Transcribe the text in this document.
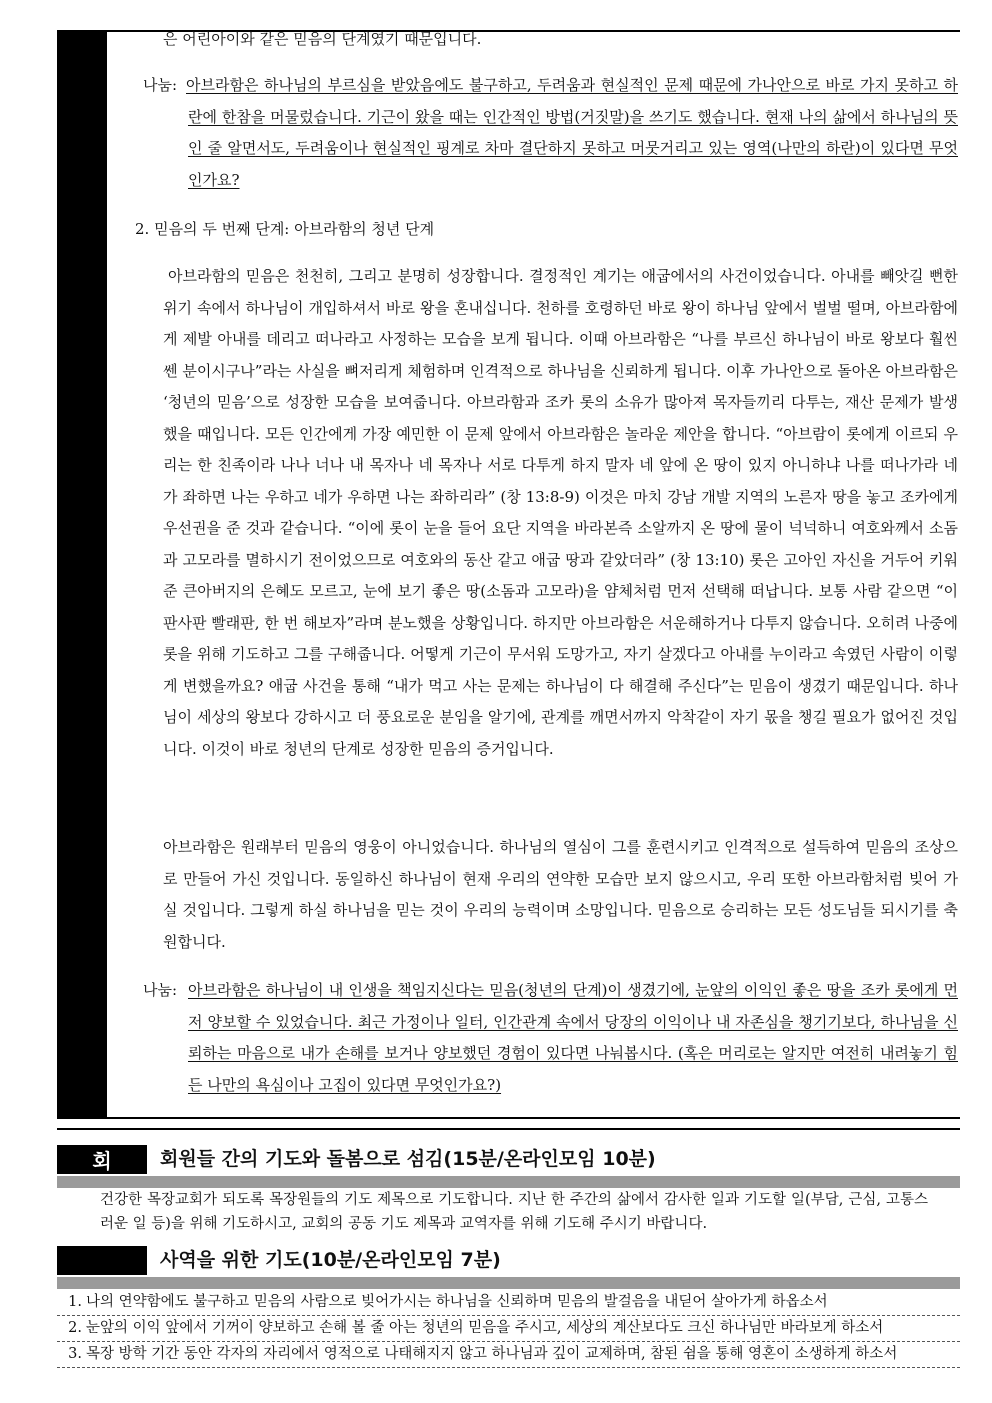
은 어린아이와 같은 믿음의 단계였기 때문입니다.

나눔: 아브라함은 하나님의 부르심을 받았음에도 불구하고, 두려움과 현실적인 문제 때문에 가나안으로 바로 가지 못하고 하란에 한참을 머물렀습니다. 기근이 왔을 때는 인간적인 방법(거짓말)을 쓰기도 했습니다. 현재 나의 삶에서 하나님의 뜻인 줄 알면서도, 두려움이나 현실적인 핑계로 차마 결단하지 못하고 머뭇거리고 있는 영역(나만의 하란)이 있다면 무엇인가요?

2. 믿음의 두 번째 단계: 아브라함의 청년 단계

아브라함의 믿음은 천천히, 그리고 분명히 성장합니다. 결정적인 계기는 애굽에서의 사건이었습니다. 아내를 빼앗길 뻔한 위기 속에서 하나님이 개입하셔서 바로 왕을 혼내십니다. 천하를 호령하던 바로 왕이 하나님 앞에서 벌벌 떨며, 아브라함에게 제발 아내를 데리고 떠나라고 사정하는 모습을 보게 됩니다. 이때 아브라함은 “나를 부르신 하나님이 바로 왕보다 훨씬 쎈 분이시구나”라는 사실을 뼈저리게 체험하며 인격적으로 하나님을 신뢰하게 됩니다. 이후 가나안으로 돌아온 아브라함은 ‘청년의 믿음’으로 성장한 모습을 보여줍니다. 아브라함과 조카 롯의 소유가 많아져 목자들끼리 다투는, 재산 문제가 발생했을 때입니다. 모든 인간에게 가장 예민한 이 문제 앞에서 아브라함은 놀라운 제안을 합니다. “아브람이 롯에게 이르되 우리는 한 친족이라 나나 너나 내 목자나 네 목자나 서로 다투게 하지 말자 네 앞에 온 땅이 있지 아니하냐 나를 떠나가라 네가 좌하면 나는 우하고 네가 우하면 나는 좌하리라” (창 13:8-9) 이것은 마치 강남 개발 지역의 노른자 땅을 놓고 조카에게 우선권을 준 것과 같습니다. “이에 롯이 눈을 들어 요단 지역을 바라본즉 소알까지 온 땅에 물이 넉넉하니 여호와께서 소돔과 고모라를 멸하시기 전이었으므로 여호와의 동산 같고 애굽 땅과 같았더라” (창 13:10) 롯은 고아인 자신을 거두어 키워준 큰아버지의 은혜도 모르고, 눈에 보기 좋은 땅(소돔과 고모라)을 얌체처럼 먼저 선택해 떠납니다. 보통 사람 같으면 “이판사판 빨래판, 한 번 해보자”라며 분노했을 상황입니다. 하지만 아브라함은 서운해하거나 다투지 않습니다. 오히려 나중에 롯을 위해 기도하고 그를 구해줍니다. 어떻게 기근이 무서워 도망가고, 자기 살겠다고 아내를 누이라고 속였던 사람이 이렇게 변했을까요? 애굽 사건을 통해 “내가 먹고 사는 문제는 하나님이 다 해결해 주신다”는 믿음이 생겼기 때문입니다. 하나님이 세상의 왕보다 강하시고 더 풍요로운 분임을 알기에, 관계를 깨면서까지 악착같이 자기 몫을 챙길 필요가 없어진 것입니다. 이것이 바로 청년의 단계로 성장한 믿음의 증거입니다.

아브라함은 원래부터 믿음의 영웅이 아니었습니다. 하나님의 열심이 그를 훈련시키고 인격적으로 설득하여 믿음의 조상으로 만들어 가신 것입니다. 동일하신 하나님이 현재 우리의 연약한 모습만 보지 않으시고, 우리 또한 아브라함처럼 빚어 가실 것입니다. 그렇게 하실 하나님을 믿는 것이 우리의 능력이며 소망입니다. 믿음으로 승리하는 모든 성도님들 되시기를 축원합니다.

나눔: 아브라함은 하나님이 내 인생을 책임지신다는 믿음(청년의 단계)이 생겼기에, 눈앞의 이익인 좋은 땅을 조카 롯에게 먼저 양보할 수 있었습니다. 최근 가정이나 일터, 인간관계 속에서 당장의 이익이나 내 자존심을 챙기기보다, 하나님을 신뢰하는 마음으로 내가 손해를 보거나 양보했던 경험이 있다면 나눠봅시다. (혹은 머리로는 알지만 여전히 내려놓기 힘든 나만의 욕심이나 고집이 있다면 무엇인가요?)

회	회원들 간의 기도와 돌봄으로 섬김(15분/온라인모임 10분)
건강한 목장교회가 되도록 목장원들의 기도 제목으로 기도합니다. 지난 한 주간의 삶에서 감사한 일과 기도할 일(부담, 근심, 고통스러운 일 등)을 위해 기도하시고, 교회의 공동 기도 제목과 교역자를 위해 기도해 주시기 바랍니다.
사역을 위한 기도(10분/온라인모임 7분)
1. 나의 연약함에도 불구하고 믿음의 사람으로 빚어가시는 하나님을 신뢰하며 믿음의 발걸음을 내딛어 살아가게 하옵소서
2. 눈앞의 이익 앞에서 기꺼이 양보하고 손해 볼 줄 아는 청년의 믿음을 주시고, 세상의 계산보다도 크신 하나님만 바라보게 하소서
3. 목장 방학 기간 동안 각자의 자리에서 영적으로 나태해지지 않고 하나님과 깊이 교제하며, 참된 쉼을 통해 영혼이 소생하게 하소서
